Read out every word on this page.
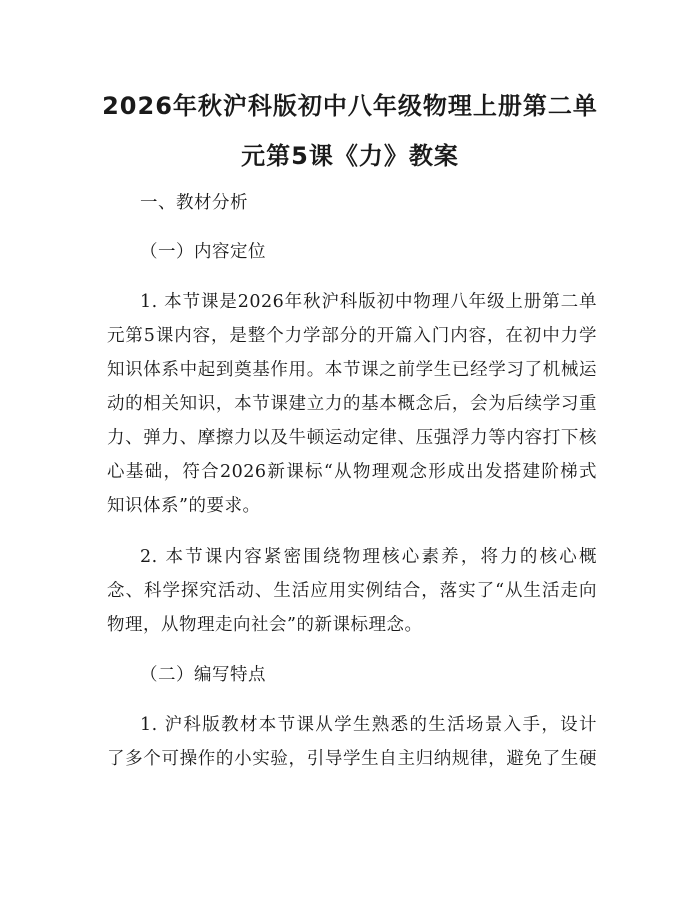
2026年秋沪科版初中八年级物理上册第二单
元第5课《力》教案
一、教材分析
（一）内容定位
1. 本节课是2026年秋沪科版初中物理八年级上册第二单
元第5课内容，是整个力学部分的开篇入门内容，在初中力学
知识体系中起到奠基作用。本节课之前学生已经学习了机械运
动的相关知识，本节课建立力的基本概念后，会为后续学习重
力、弹力、摩擦力以及牛顿运动定律、压强浮力等内容打下核
心基础，符合2026新课标“从物理观念形成出发搭建阶梯式
知识体系”的要求。
2. 本节课内容紧密围绕物理核心素养，将力的核心概
念、科学探究活动、生活应用实例结合，落实了“从生活走向
物理，从物理走向社会”的新课标理念。
（二）编写特点
1. 沪科版教材本节课从学生熟悉的生活场景入手，设计
了多个可操作的小实验，引导学生自主归纳规律，避免了生硬
